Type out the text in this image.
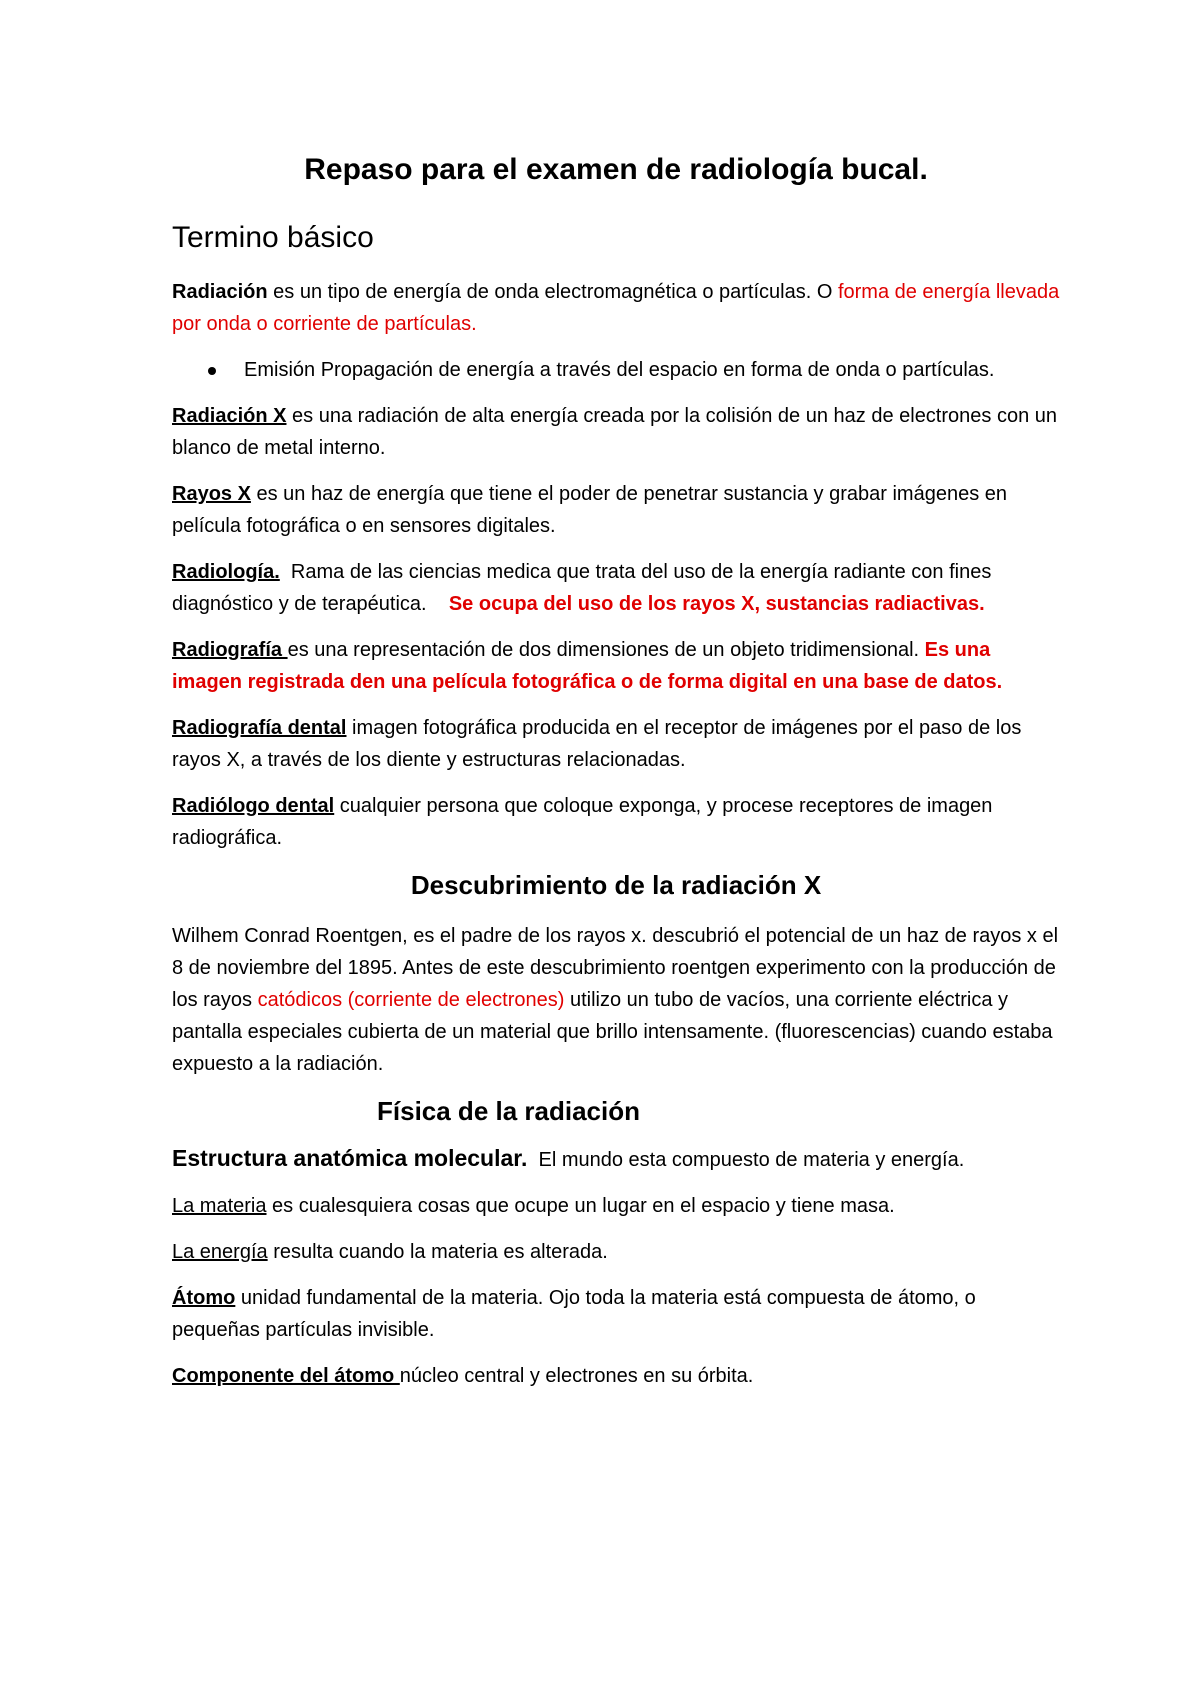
Repaso para el examen de radiología bucal.
Termino básico

Radiación es un tipo de energía de onda electromagnética o partículas. O forma de energía llevada por onda o corriente de partículas.

Emisión Propagación de energía a través del espacio en forma de onda o partículas.

Radiación X es una radiación de alta energía creada por la colisión de un haz de electrones con un blanco de metal interno.

Rayos X es un haz de energía que tiene el poder de penetrar sustancia y grabar imágenes en película fotográfica o en sensores digitales.

Radiología.  Rama de las ciencias medica que trata del uso de la energía radiante con fines diagnóstico y de terapéutica.    Se ocupa del uso de los rayos X, sustancias radiactivas.

Radiografía es una representación de dos dimensiones de un objeto tridimensional. Es una imagen registrada den una película fotográfica o de forma digital en una base de datos.

Radiografía dental imagen fotográfica producida en el receptor de imágenes por el paso de los rayos X, a través de los diente y estructuras relacionadas.

Radiólogo dental cualquier persona que coloque exponga, y procese receptores de imagen radiográfica.

Descubrimiento de la radiación X

Wilhem Conrad Roentgen, es el padre de los rayos x. descubrió el potencial de un haz de rayos x el 8 de noviembre del 1895. Antes de este descubrimiento roentgen experimento con la producción de los rayos catódicos (corriente de electrones) utilizo un tubo de vacíos, una corriente eléctrica y pantalla especiales cubierta de un material que brillo intensamente. (fluorescencias) cuando estaba expuesto a la radiación.

Física de la radiación

Estructura anatómica molecular.  El mundo esta compuesto de materia y energía.

La materia es cualesquiera cosas que ocupe un lugar en el espacio y tiene masa.

La energía resulta cuando la materia es alterada.

Átomo unidad fundamental de la materia. Ojo toda la materia está compuesta de átomo, o pequeñas partículas invisible.

Componente del átomo núcleo central y electrones en su órbita.
